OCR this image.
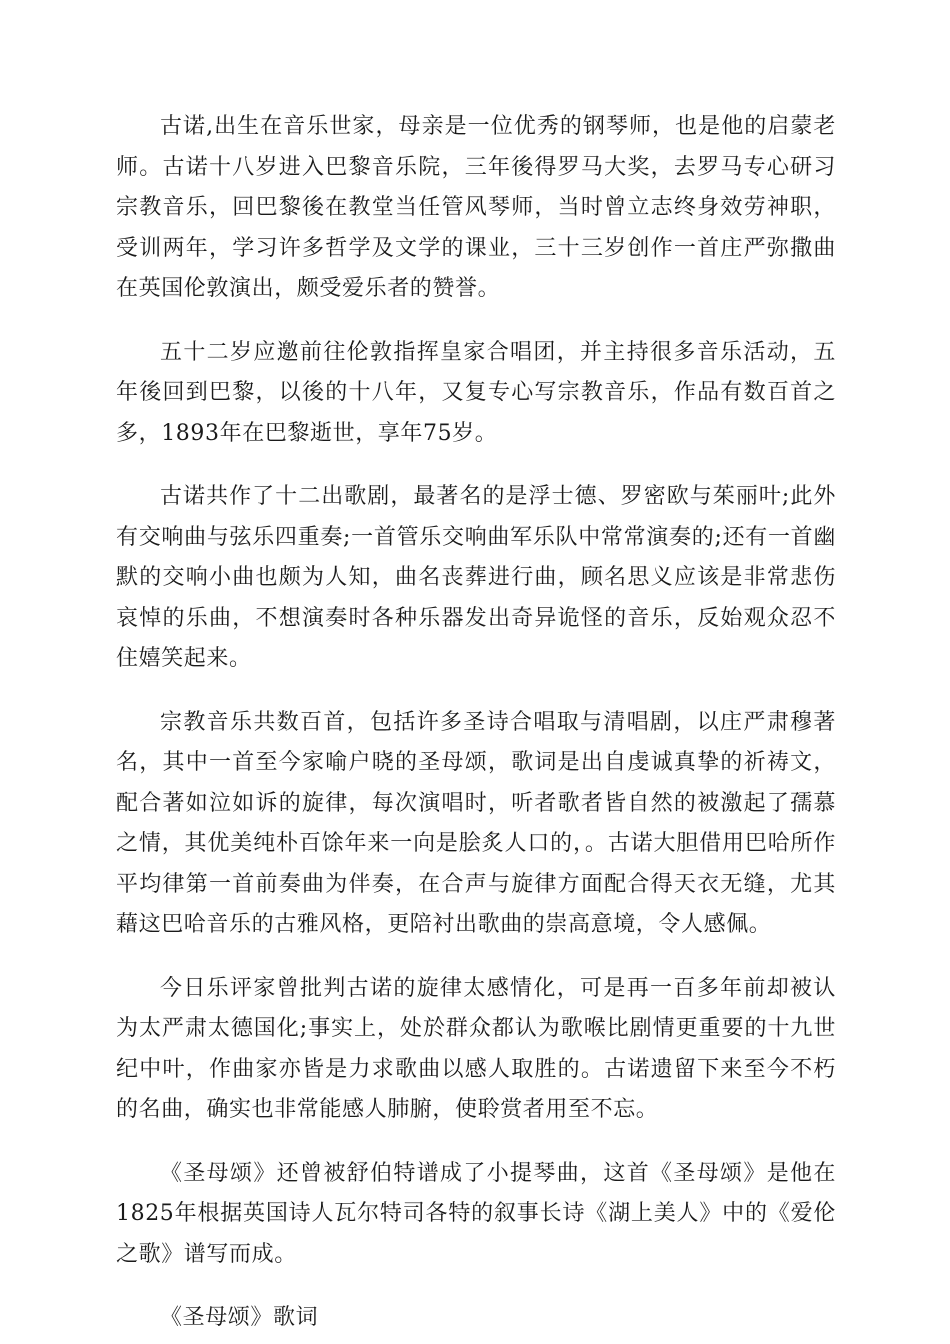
古诺,出生在音乐世家，母亲是一位优秀的钢琴师，也是他的启蒙老师。古诺十八岁进入巴黎音乐院，三年後得罗马大奖，去罗马专心研习宗教音乐，回巴黎後在教堂当任管风琴师，当时曾立志终身效劳神职，受训两年，学习许多哲学及文学的课业，三十三岁创作一首庄严弥撒曲在英国伦敦演出，颇受爱乐者的赞誉。

五十二岁应邀前往伦敦指挥皇家合唱团，并主持很多音乐活动，五年後回到巴黎，以後的十八年，又复专心写宗教音乐，作品有数百首之多，1893年在巴黎逝世，享年75岁。

古诺共作了十二出歌剧，最著名的是浮士德、罗密欧与茱丽叶;此外有交响曲与弦乐四重奏;一首管乐交响曲军乐队中常常演奏的;还有一首幽默的交响小曲也颇为人知，曲名丧葬进行曲，顾名思义应该是非常悲伤哀悼的乐曲，不想演奏时各种乐器发出奇异诡怪的音乐，反始观众忍不住嬉笑起来。

宗教音乐共数百首，包括许多圣诗合唱取与清唱剧，以庄严肃穆著名，其中一首至今家喻户晓的圣母颂，歌词是出自虔诚真挚的祈祷文，配合著如泣如诉的旋律，每次演唱时，听者歌者皆自然的被激起了孺慕之情，其优美纯朴百馀年来一向是脍炙人口的，。古诺大胆借用巴哈所作平均律第一首前奏曲为伴奏，在合声与旋律方面配合得天衣无缝，尤其藉这巴哈音乐的古雅风格，更陪衬出歌曲的崇高意境，令人感佩。

今日乐评家曾批判古诺的旋律太感情化，可是再一百多年前却被认为太严肃太德国化;事实上，处於群众都认为歌喉比剧情更重要的十九世纪中叶，作曲家亦皆是力求歌曲以感人取胜的。古诺遗留下来至今不朽的名曲，确实也非常能感人肺腑，使聆赏者用至不忘。

《圣母颂》还曾被舒伯特谱成了小提琴曲，这首《圣母颂》是他在1825年根据英国诗人瓦尔特司各特的叙事长诗《湖上美人》中的《爱伦之歌》谱写而成。

《圣母颂》歌词
